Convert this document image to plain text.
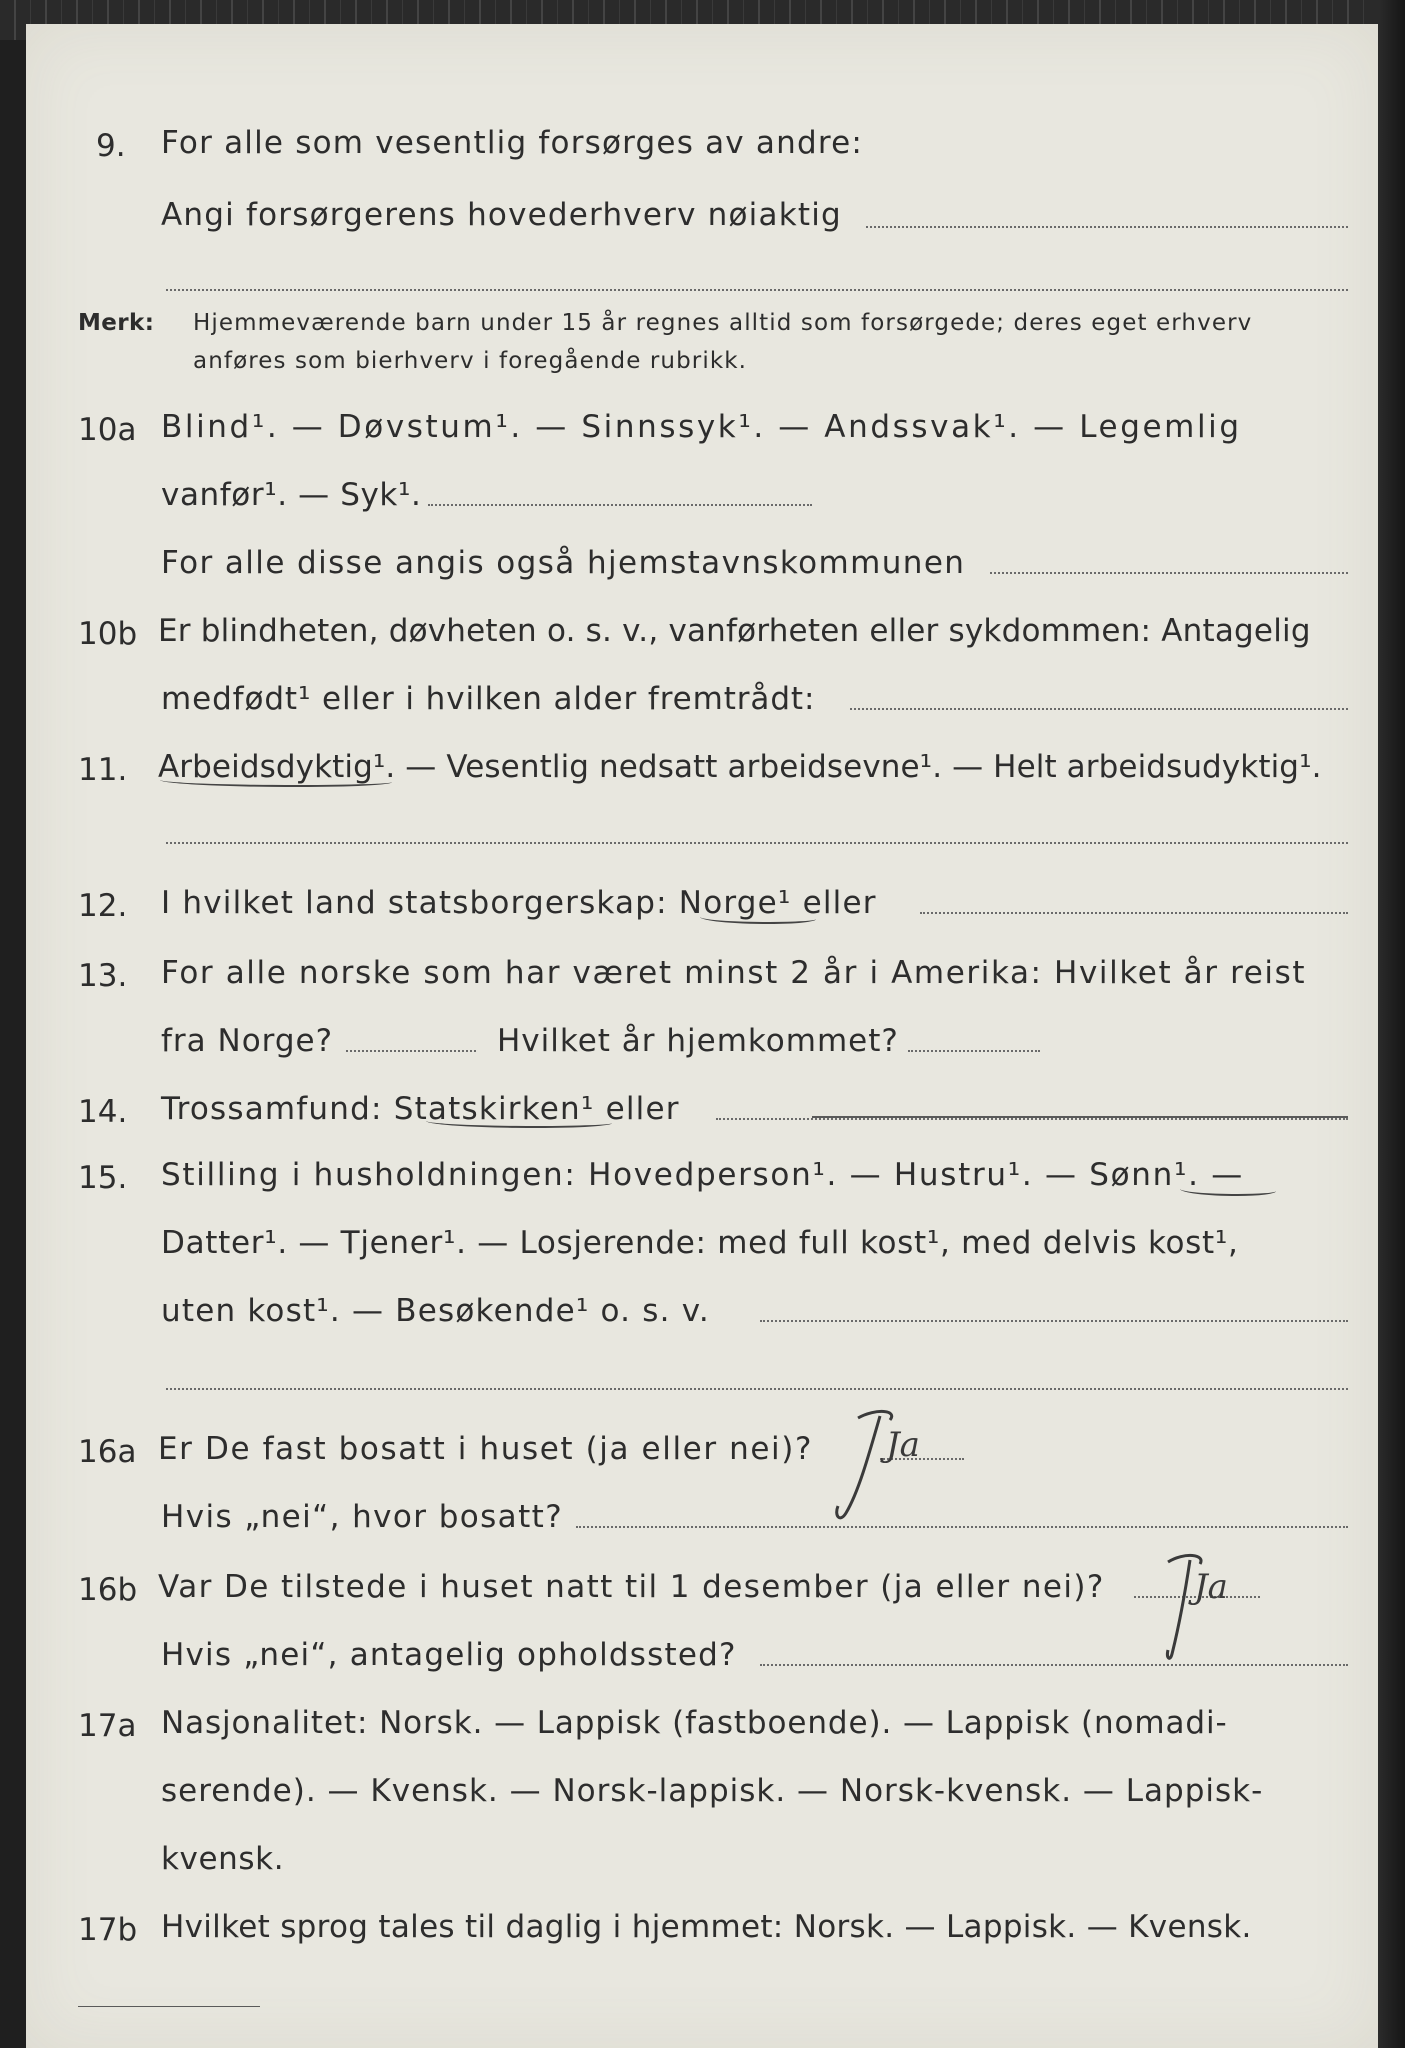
9. For alle som vesentlig forsørges av andre:
Angi forsørgerens hovederhverv nøiaktig
Merk: Hjemmeværende barn under 15 år regnes alltid som forsørgede; deres eget erhverv
anføres som bierhverv i foregående rubrikk.
10a Blind¹. — Døvstum¹. — Sinnssyk¹. — Andssvak¹. — Legemlig
vanfør¹. — Syk¹.
For alle disse angis også hjemstavnskommunen
10b Er blindheten, døvheten o. s. v., vanførheten eller sykdommen: Antagelig
medfødt¹ eller i hvilken alder fremtrådt:
11. Arbeidsdyktig¹. — Vesentlig nedsatt arbeidsevne¹. — Helt arbeidsudyktig¹.
12. I hvilket land statsborgerskap: Norge¹ eller
13. For alle norske som har været minst 2 år i Amerika: Hvilket år reist
fra Norge?	Hvilket år hjemkommet?
14. Trossamfund: Statskirken¹ eller
15. Stilling i husholdningen: Hovedperson¹. — Hustru¹. — Sønn¹. —
Datter¹. — Tjener¹. — Losjerende: med full kost¹, med delvis kost¹,
uten kost¹. — Besøkende¹ o. s. v.
16a Er De fast bosatt i huset (ja eller nei)? Ja
Hvis „nei“, hvor bosatt?
16b Var De tilstede i huset natt til 1 desember (ja eller nei)?	Ja
Hvis „nei“, antagelig opholdssted?
17a Nasjonalitet: Norsk. — Lappisk (fastboende). — Lappisk (nomadi-
serende). — Kvensk. — Norsk-lappisk. — Norsk-kvensk. — Lappisk-
kvensk.
17b Hvilket sprog tales til daglig i hjemmet: Norsk. — Lappisk. — Kvensk.
